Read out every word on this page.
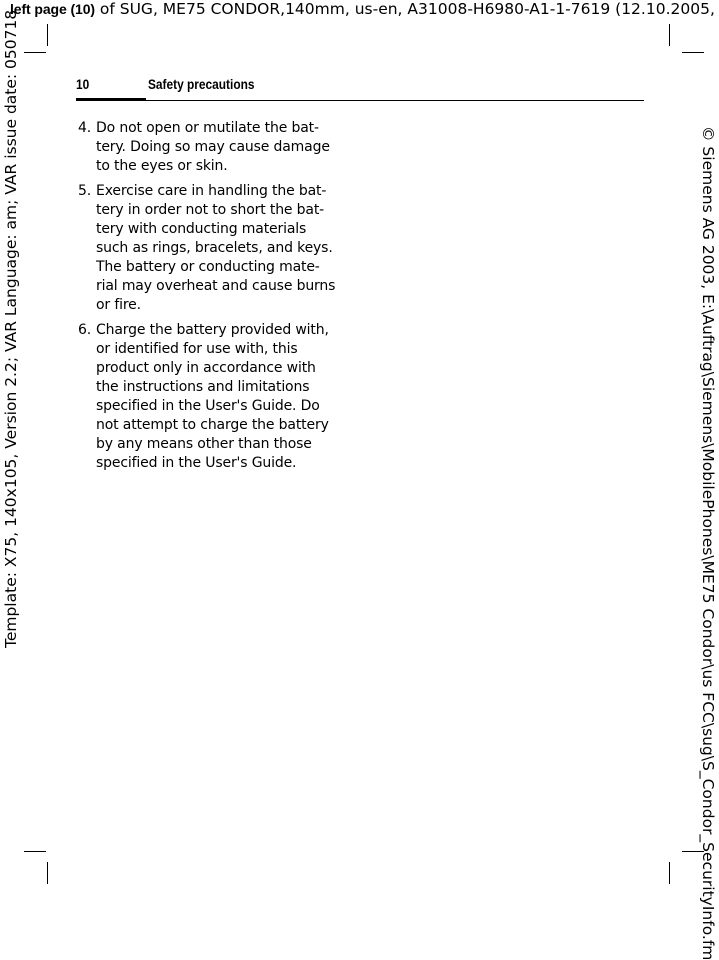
left page (10) of SUG, ME75 CONDOR,140mm, us-en, A31008-H6980-A1-1-7619 (12.10.2005,
Template: X75, 140x105, Version 2.2; VAR Language: am; VAR issue date: 050718	© Siemens AG 2003, E:\Auftrag\Siemens\MobilePhones\ME75 Condor\us FCC\sug\S_Condor_SecurityInfo.fm
10	Safety precautions
4. Do not open or mutilate the bat-
tery. Doing so may cause damage
to the eyes or skin.
5. Exercise care in handling the bat-
tery in order not to short the bat-
tery with conducting materials
such as rings, bracelets, and keys.
The battery or conducting mate-
rial may overheat and cause burns
or fire.
6. Charge the battery provided with,
or identified for use with, this
product only in accordance with
the instructions and limitations
specified in the User's Guide. Do
not attempt to charge the battery
by any means other than those
specified in the User's Guide.
